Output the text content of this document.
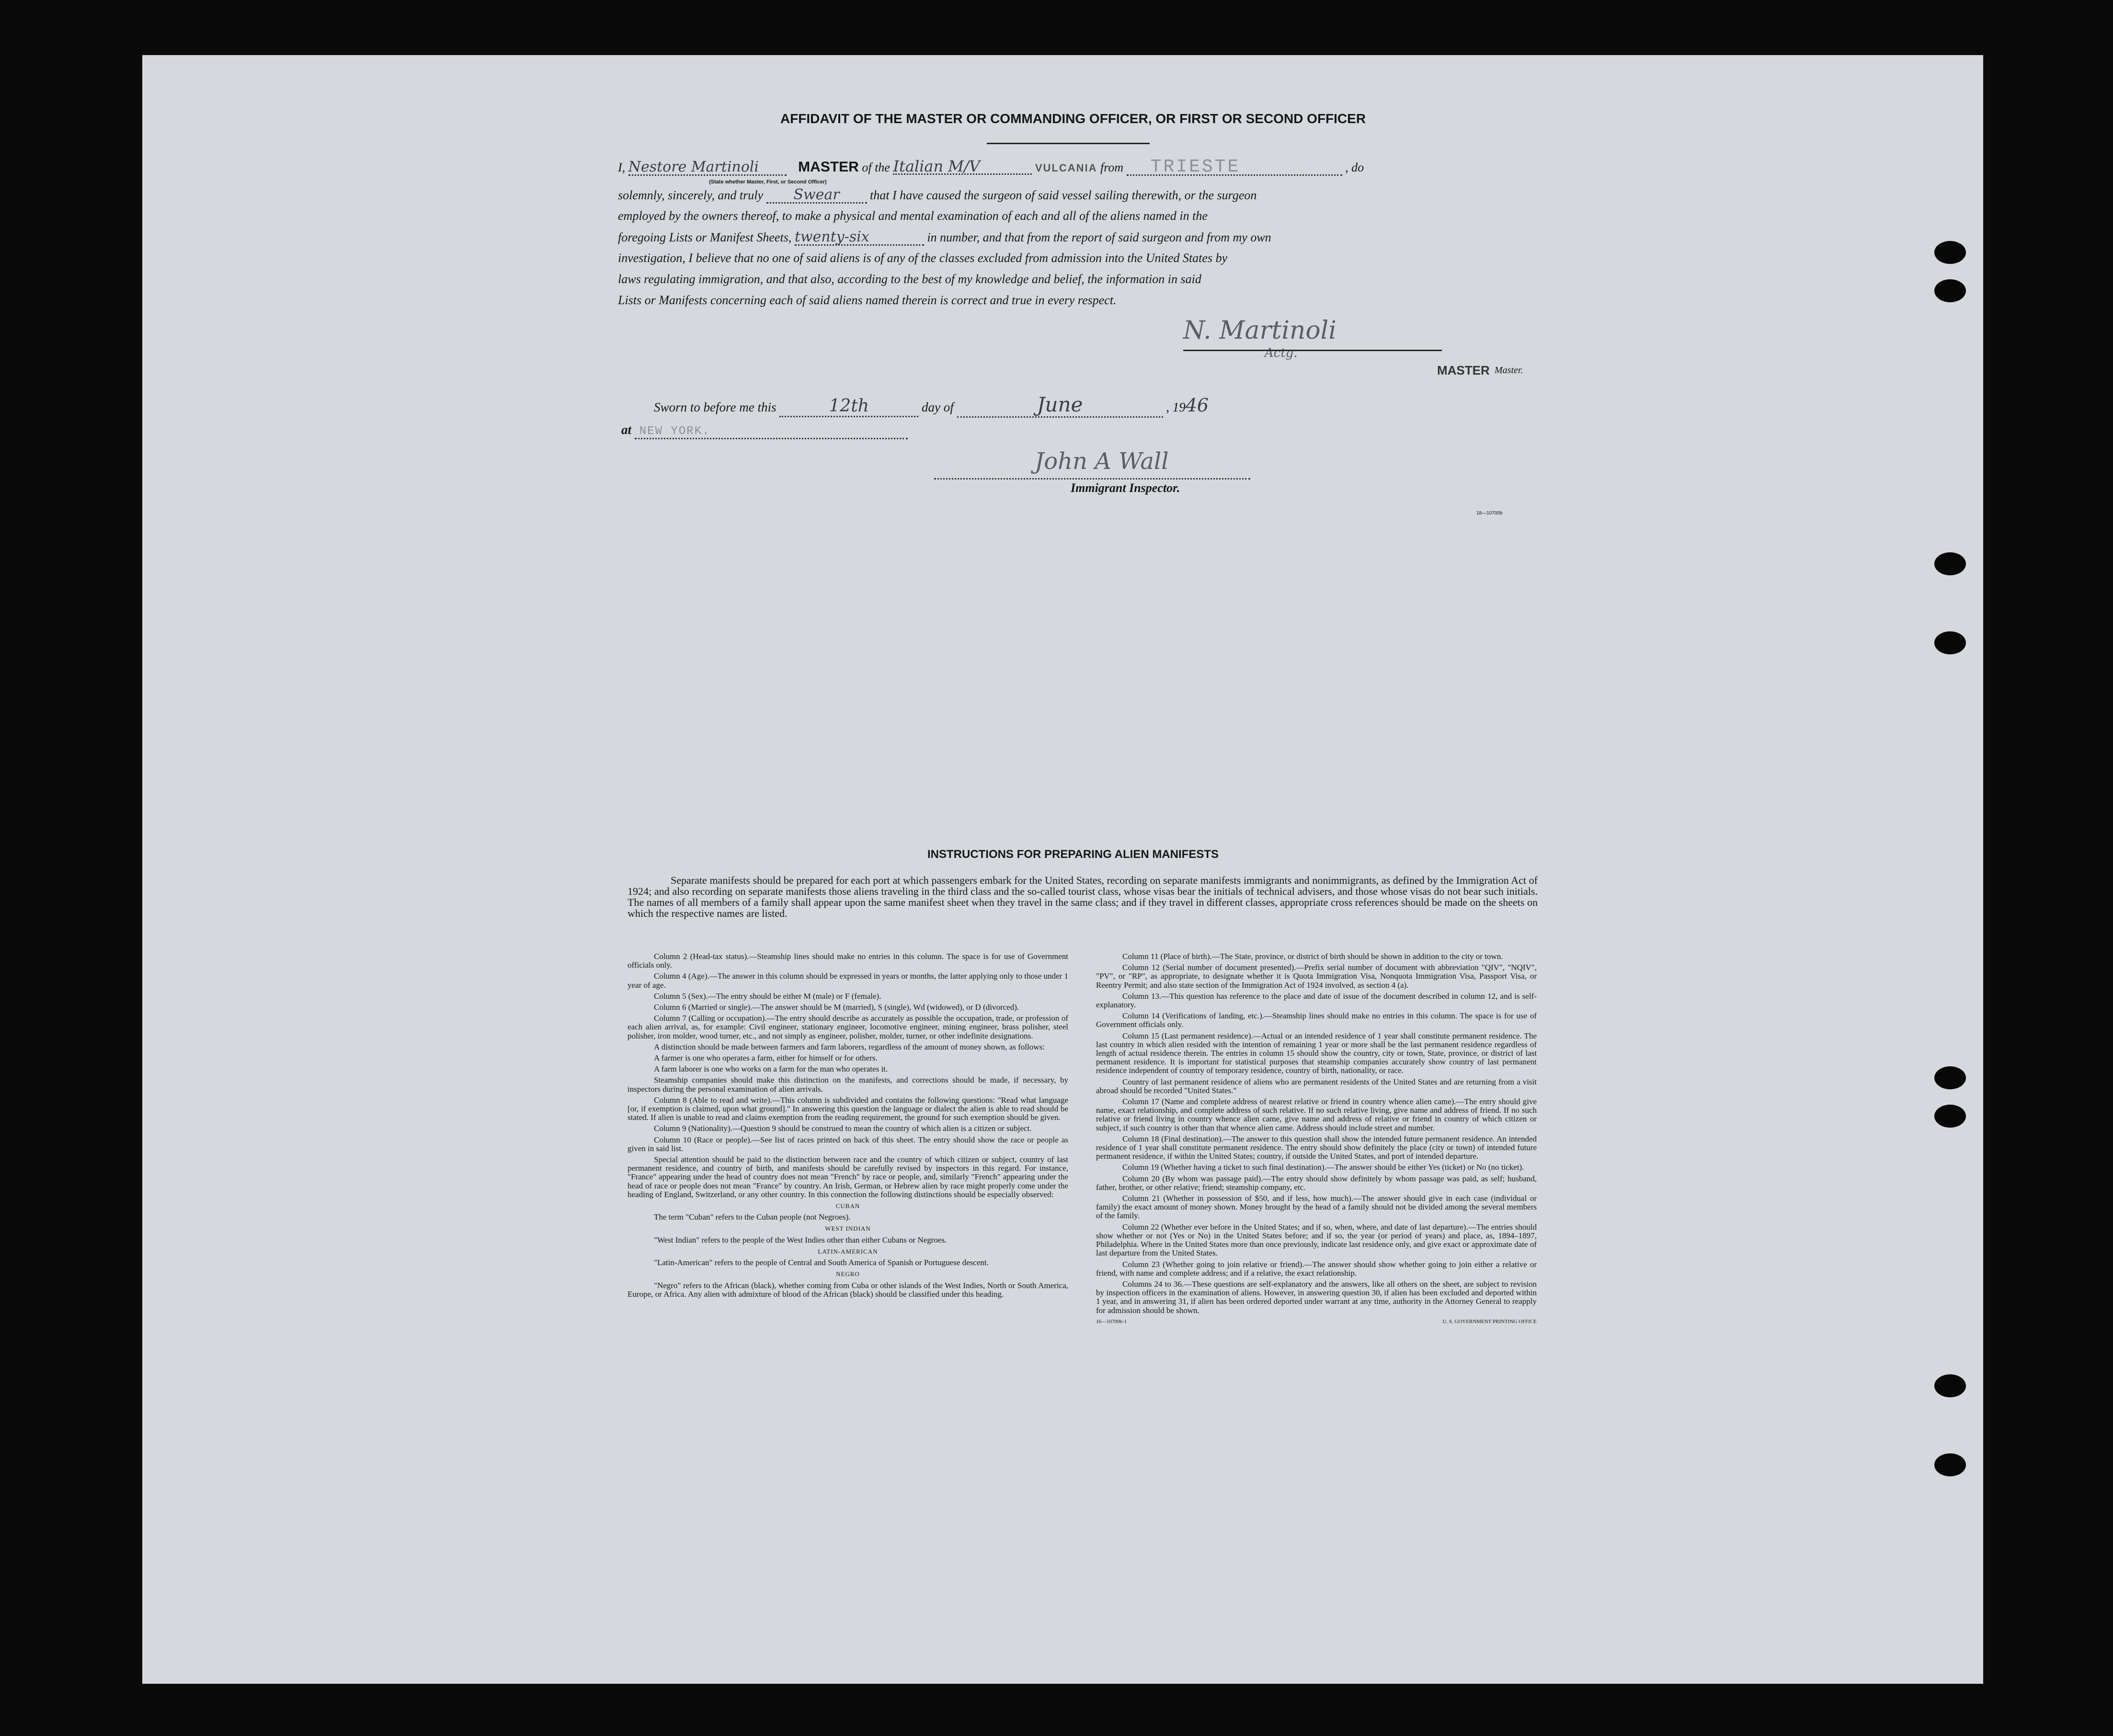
AFFIDAVIT OF THE MASTER OR COMMANDING OFFICER, OR FIRST OR SECOND OFFICER
I, Nestore Martinoli	MASTER of the Italian M/V	VULCANIA from TRIESTE	, do
(State whether Master, First, or Second Officer)
solemnly, sincerely, and truly Swear that I have caused the surgeon of said vessel sailing therewith, or the surgeon
employed by the owners thereof, to make a physical and mental examination of each and all of the aliens named in the
foregoing Lists or Manifest Sheets, twenty-six	in number, and that from the report of said surgeon and from my own
investigation, I believe that no one of said aliens is of any of the classes excluded from admission into the United States by
laws regulating immigration, and that also, according to the best of my knowledge and belief, the information in said
Lists or Manifests concerning each of said aliens named therein is correct and true in every respect.
N. Martinoli
Actg.
MASTER Master.
Sworn to before me this	12th	day of	June	, 1946
at NEW YORK.
John A Wall
Immigrant Inspector.
18—10700b
INSTRUCTIONS FOR PREPARING ALIEN MANIFESTS
Separate manifests should be prepared for each port at which passengers embark for the United States, recording on separate manifests immigrants and nonimmigrants, as defined by the Immigration Act of 1924; and also recording on separate manifests those aliens traveling in the third class and the so-called tourist class, whose visas bear the initials of technical advisers, and those whose visas do not bear such initials. The names of all members of a family shall appear upon the same manifest sheet when they travel in the same class; and if they travel in different classes, appropriate cross references should be made on the sheets on which the respective names are listed.

Column 2 (Head-tax status).—Steamship lines should make no entries in this column. The space is for use of Government officials only.

Column 4 (Age).—The answer in this column should be expressed in years or months, the latter applying only to those under 1 year of age.

Column 5 (Sex).—The entry should be either M (male) or F (female).

Column 6 (Married or single).—The answer should be M (married), S (single), Wd (widowed), or D (divorced).

Column 7 (Calling or occupation).—The entry should describe as accurately as possible the occupation, trade, or profession of each alien arrival, as, for example: Civil engineer, stationary engineer, locomotive engineer, mining engineer, brass polisher, steel polisher, iron molder, wood turner, etc., and not simply as engineer, polisher, molder, turner, or other indefinite designations.

A distinction should be made between farmers and farm laborers, regardless of the amount of money shown, as follows:

A farmer is one who operates a farm, either for himself or for others.

A farm laborer is one who works on a farm for the man who operates it.

Steamship companies should make this distinction on the manifests, and corrections should be made, if necessary, by inspectors during the personal examination of alien arrivals.

Column 8 (Able to read and write).—This column is subdivided and contains the following questions: "Read what language [or, if exemption is claimed, upon what ground]." In answering this question the language or dialect the alien is able to read should be stated. If alien is unable to read and claims exemption from the reading requirement, the ground for such exemption should be given.

Column 9 (Nationality).—Question 9 should be construed to mean the country of which alien is a citizen or subject.

Column 10 (Race or people).—See list of races printed on back of this sheet. The entry should show the race or people as given in said list.

Special attention should be paid to the distinction between race and the country of which citizen or subject, country of last permanent residence, and country of birth, and manifests should be carefully revised by inspectors in this regard. For instance, "France" appearing under the head of country does not mean "French" by race or people, and, similarly "French" appearing under the head of race or people does not mean "France" by country. An Irish, German, or Hebrew alien by race might properly come under the heading of England, Switzerland, or any other country. In this connection the following distinctions should be especially observed:

CUBAN

The term "Cuban" refers to the Cuban people (not Negroes).

WEST INDIAN

"West Indian" refers to the people of the West Indies other than either Cubans or Negroes.

LATIN-AMERICAN

"Latin-American" refers to the people of Central and South America of Spanish or Portuguese descent.

NEGRO

"Negro" refers to the African (black), whether coming from Cuba or other islands of the West Indies, North or South America, Europe, or Africa. Any alien with admixture of blood of the African (black) should be classified under this heading.

Column 11 (Place of birth).—The State, province, or district of birth should be shown in addition to the city or town.

Column 12 (Serial number of document presented).—Prefix serial number of document with abbreviation "QIV", "NQIV", "PV", or "RP", as appropriate, to designate whether it is Quota Immigration Visa, Nonquota Immigration Visa, Passport Visa, or Reentry Permit; and also state section of the Immigration Act of 1924 involved, as section 4 (a).

Column 13.—This question has reference to the place and date of issue of the document described in column 12, and is self-explanatory.

Column 14 (Verifications of landing, etc.).—Steamship lines should make no entries in this column. The space is for use of Government officials only.

Column 15 (Last permanent residence).—Actual or an intended residence of 1 year shall constitute permanent residence. The last country in which alien resided with the intention of remaining 1 year or more shall be the last permanent residence regardless of length of actual residence therein. The entries in column 15 should show the country, city or town, State, province, or district of last permanent residence. It is important for statistical purposes that steamship companies accurately show country of last permanent residence independent of country of temporary residence, country of birth, nationality, or race.

Country of last permanent residence of aliens who are permanent residents of the United States and are returning from a visit abroad should be recorded "United States."

Column 17 (Name and complete address of nearest relative or friend in country whence alien came).—The entry should give name, exact relationship, and complete address of such relative. If no such relative living, give name and address of friend. If no such relative or friend living in country whence alien came, give name and address of relative or friend in country of which citizen or subject, if such country is other than that whence alien came. Address should include street and number.

Column 18 (Final destination).—The answer to this question shall show the intended future permanent residence. An intended residence of 1 year shall constitute permanent residence. The entry should show definitely the place (city or town) of intended future permanent residence, if within the United States; country, if outside the United States, and port of intended departure.

Column 19 (Whether having a ticket to such final destination).—The answer should be either Yes (ticket) or No (no ticket).

Column 20 (By whom was passage paid).—The entry should show definitely by whom passage was paid, as self; husband, father, brother, or other relative; friend; steamship company, etc.

Column 21 (Whether in possession of $50, and if less, how much).—The answer should give in each case (individual or family) the exact amount of money shown. Money brought by the head of a family should not be divided among the several members of the family.

Column 22 (Whether ever before in the United States; and if so, when, where, and date of last departure).—The entries should show whether or not (Yes or No) in the United States before; and if so, the year (or period of years) and place, as, 1894–1897, Philadelphia. Where in the United States more than once previously, indicate last residence only, and give exact or approximate date of last departure from the United States.

Column 23 (Whether going to join relative or friend).—The answer should show whether going to join either a relative or friend, with name and complete address; and if a relative, the exact relationship.

Columns 24 to 36.—These questions are self-explanatory and the answers, like all others on the sheet, are subject to revision by inspection officers in the examination of aliens. However, in answering question 30, if alien has been excluded and deported within 1 year, and in answering 31, if alien has been ordered deported under warrant at any time, authority in the Attorney General to reapply for admission should be shown.

16—10700b-1	U. S. GOVERNMENT PRINTING OFFICE
